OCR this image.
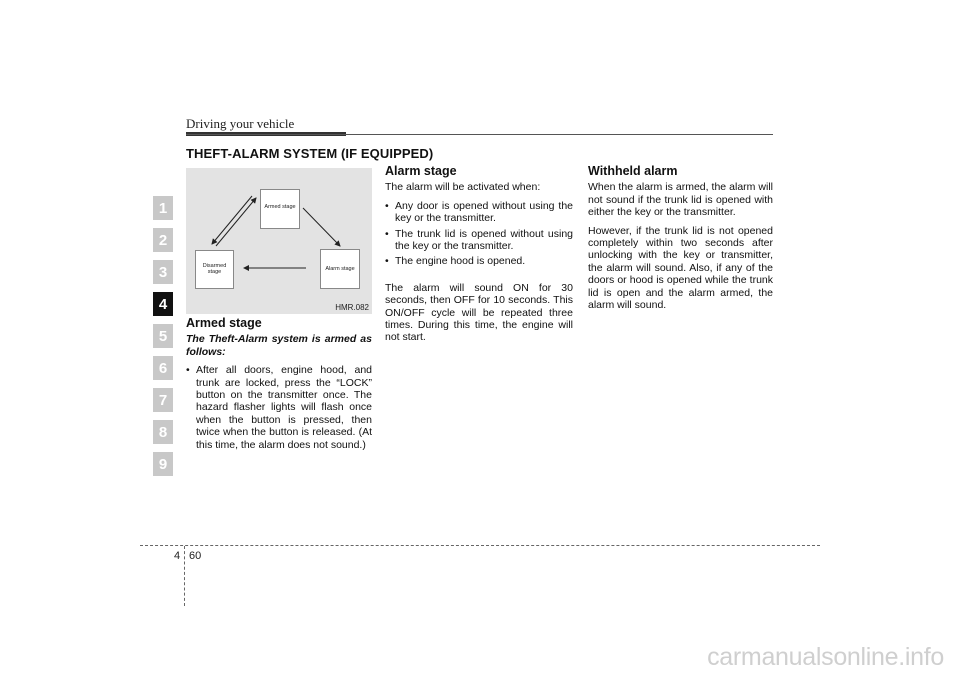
Driving your vehicle
THEFT-ALARM SYSTEM (IF EQUIPPED)
1
2
3
4
5
6
7
8
9
Armed stage
Disarmed
stage	Alarm stage
HMR.082
Armed stage

The Theft-Alarm system is armed as follows:

• After all doors, engine hood, and trunk are locked, press the “LOCK” button on the transmitter once. The hazard flasher lights will flash once when the button is pressed, then twice when the button is released. (At this time, the alarm does not sound.)
Alarm stage

The alarm will be activated when:

• Any door is opened without using the key or the transmitter.
• The trunk lid is opened without using the key or the transmitter.
• The engine hood is opened.

The alarm will sound ON for 30 seconds, then OFF for 10 seconds. This ON/OFF cycle will be repeated three times. During this time, the engine will not start.

Withheld alarm

When the alarm is armed, the alarm will not sound if the trunk lid is opened with either the key or the transmitter.

However, if the trunk lid is not opened completely within two seconds after unlocking with the key or transmitter, the alarm will sound. Also, if any of the doors or hood is opened while the trunk lid is open and the alarm armed, the alarm will sound.

4 60
carmanualsonline.info
